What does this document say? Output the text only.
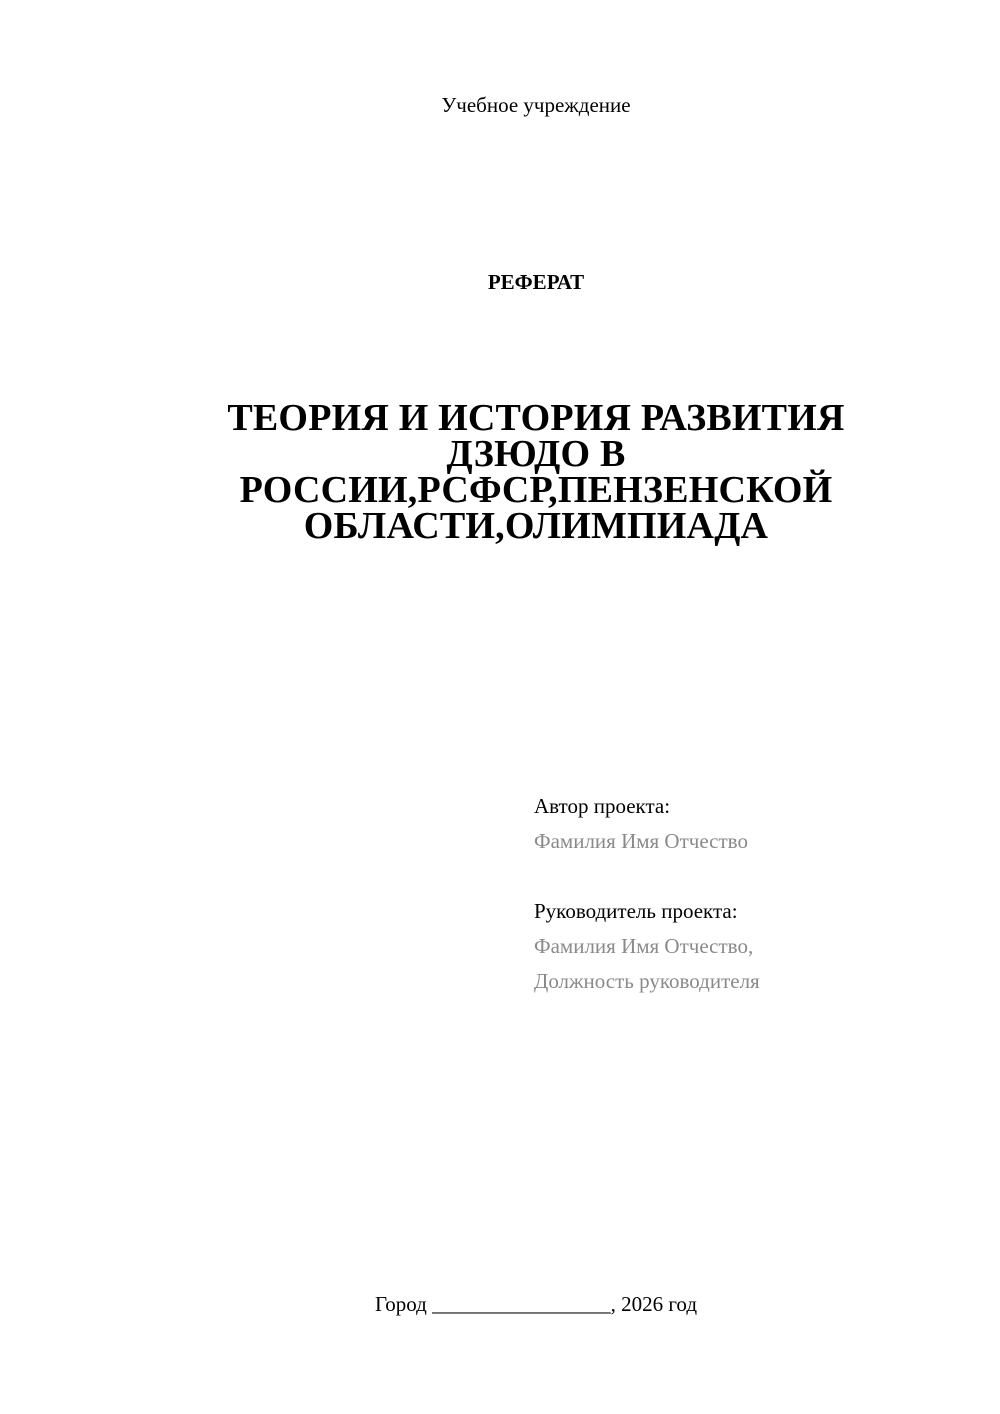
Учебное учреждение
РЕФЕРАТ
ТЕОРИЯ И ИСТОРИЯ РАЗВИТИЯ
ДЗЮДО В
РОССИИ,РСФСР,ПЕНЗЕНСКОЙ
ОБЛАСТИ,ОЛИМПИАДА
Автор проекта:
Фамилия Имя Отчество
Руководитель проекта:
Фамилия Имя Отчество,
Должность руководителя
Город _________________, 2026 год
